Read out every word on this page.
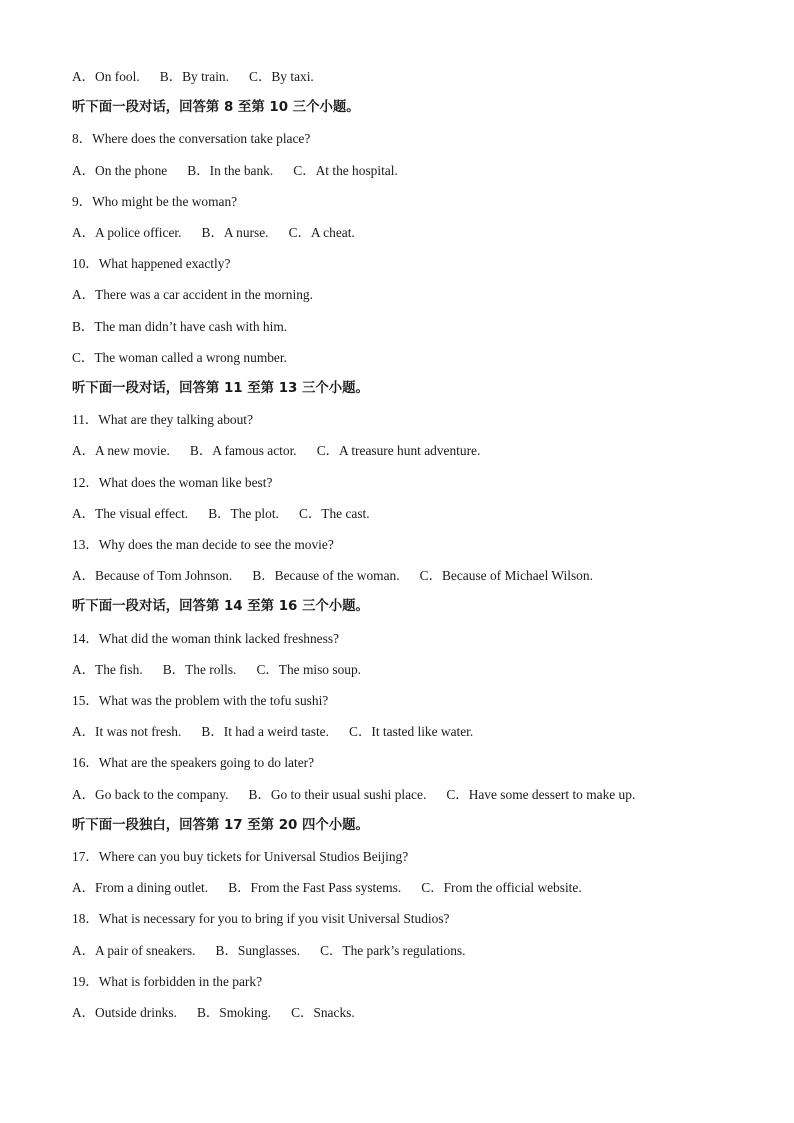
A．On fool.      B．By train.      C．By taxi.
听下面一段对话，回答第 8 至第 10 三个小题。
8．Where does the conversation take place?
A．On the phone      B．In the bank.      C．At the hospital.
9．Who might be the woman?
A．A police officer.      B．A nurse.      C．A cheat.
10．What happened exactly?
A．There was a car accident in the morning.
B．The man didn’t have cash with him.
C．The woman called a wrong number.
听下面一段对话，回答第 11 至第 13 三个小题。
11．What are they talking about?
A．A new movie.      B．A famous actor.      C．A treasure hunt adventure.
12．What does the woman like best?
A．The visual effect.      B．The plot.      C．The cast.
13．Why does the man decide to see the movie?
A．Because of Tom Johnson.      B．Because of the woman.      C．Because of Michael Wilson.
听下面一段对话，回答第 14 至第 16 三个小题。
14．What did the woman think lacked freshness?
A．The fish.      B．The rolls.      C．The miso soup.
15．What was the problem with the tofu sushi?
A．It was not fresh.      B．It had a weird taste.      C．It tasted like water.
16．What are the speakers going to do later?
A．Go back to the company.      B．Go to their usual sushi place.      C．Have some dessert to make up.
听下面一段独白，回答第 17 至第 20 四个小题。
17．Where can you buy tickets for Universal Studios Beijing?
A．From a dining outlet.      B．From the Fast Pass systems.      C．From the official website.
18．What is necessary for you to bring if you visit Universal Studios?
A．A pair of sneakers.      B．Sunglasses.      C．The park’s regulations.
19．What is forbidden in the park?
A．Outside drinks.      B．Smoking.      C．Snacks.
